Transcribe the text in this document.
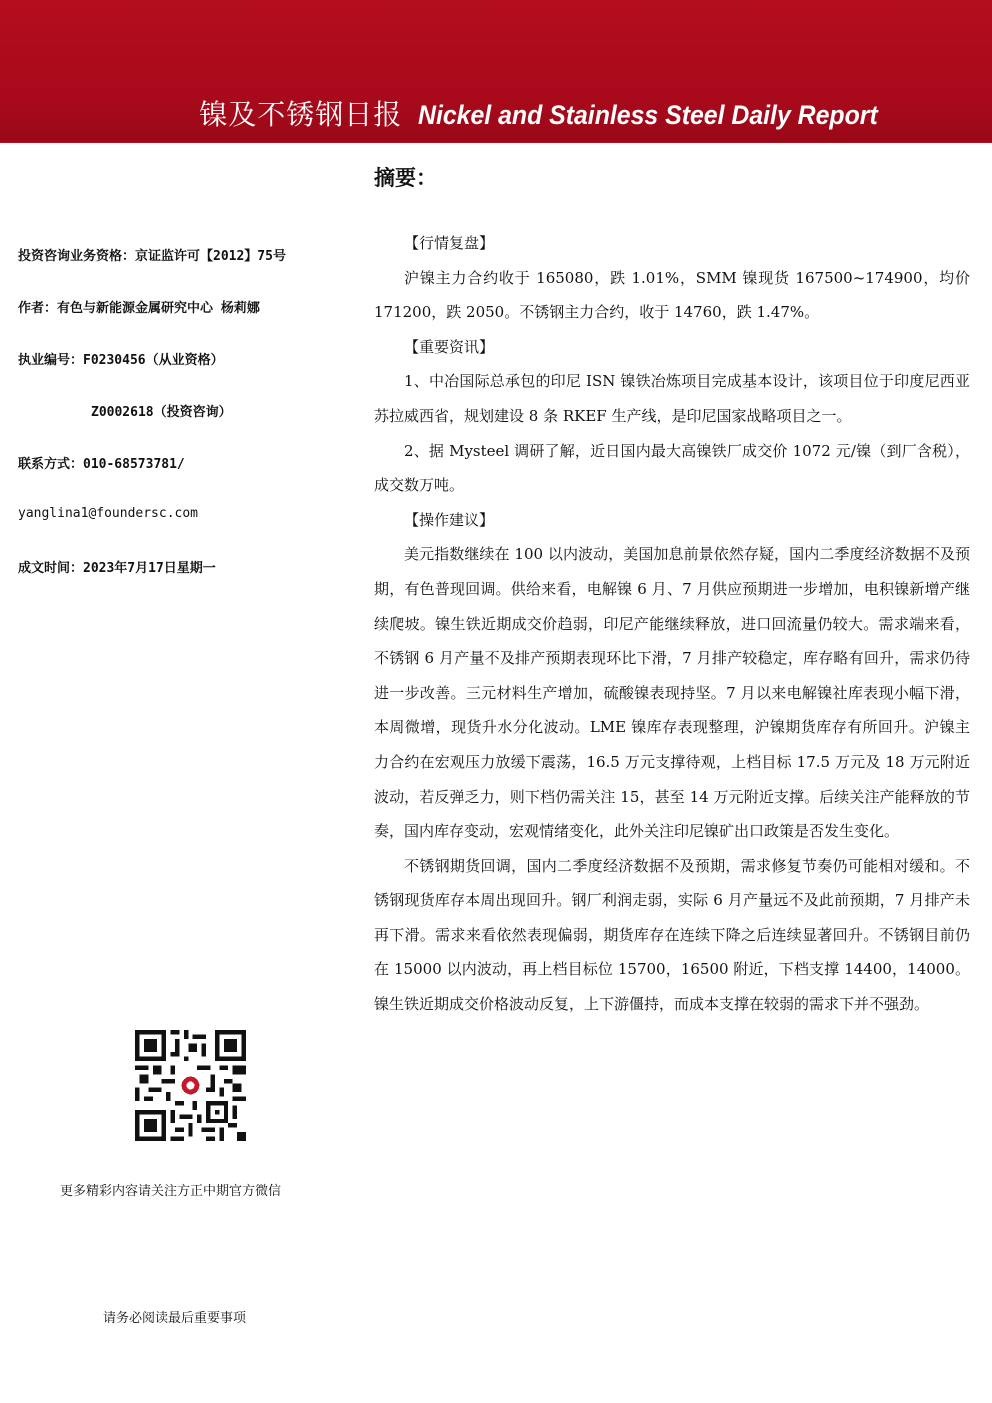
镍及不锈钢日报 Nickel and Stainless Steel Daily Report
投资咨询业务资格：京证监许可【2012】75号
作者：有色与新能源金属研究中心 杨莉娜
执业编号：F0230456（从业资格）
Z0002618（投资咨询）
联系方式：010-68573781/
yanglina1@foundersc.com
成文时间：2023年7月17日星期一
更多精彩内容请关注方正中期官方微信
请务必阅读最后重要事项
摘要：

【行情复盘】

沪镍主力合约收于 165080，跌 1.01%，SMM 镍现货 167500~174900，均价 171200，跌 2050。不锈钢主力合约，收于 14760，跌 1.47%。

【重要资讯】

1、中冶国际总承包的印尼 ISN 镍铁冶炼项目完成基本设计，该项目位于印度尼西亚苏拉威西省，规划建设 8 条 RKEF 生产线，是印尼国家战略项目之一。

2、据 Mysteel 调研了解，近日国内最大高镍铁厂成交价 1072 元/镍（到厂含税），成交数万吨。

【操作建议】

美元指数继续在 100 以内波动，美国加息前景依然存疑，国内二季度经济数据不及预期，有色普现回调。供给来看，电解镍 6 月、7 月供应预期进一步增加，电积镍新增产继续爬坡。镍生铁近期成交价趋弱，印尼产能继续释放，进口回流量仍较大。需求端来看，不锈钢 6 月产量不及排产预期表现环比下滑，7 月排产较稳定，库存略有回升，需求仍待进一步改善。三元材料生产增加，硫酸镍表现持坚。7 月以来电解镍社库表现小幅下滑，本周微增，现货升水分化波动。LME 镍库存表现整理，沪镍期货库存有所回升。沪镍主力合约在宏观压力放缓下震荡，16.5 万元支撑待观，上档目标 17.5 万元及 18 万元附近波动，若反弹乏力，则下档仍需关注 15，甚至 14 万元附近支撑。后续关注产能释放的节奏，国内库存变动，宏观情绪变化，此外关注印尼镍矿出口政策是否发生变化。

不锈钢期货回调，国内二季度经济数据不及预期，需求修复节奏仍可能相对缓和。不锈钢现货库存本周出现回升。钢厂利润走弱，实际 6 月产量远不及此前预期，7 月排产未再下滑。需求来看依然表现偏弱，期货库存在连续下降之后连续显著回升。不锈钢目前仍在 15000 以内波动，再上档目标位 15700，16500 附近，下档支撑 14400，14000。镍生铁近期成交价格波动反复，上下游僵持，而成本支撑在较弱的需求下并不强劲。
